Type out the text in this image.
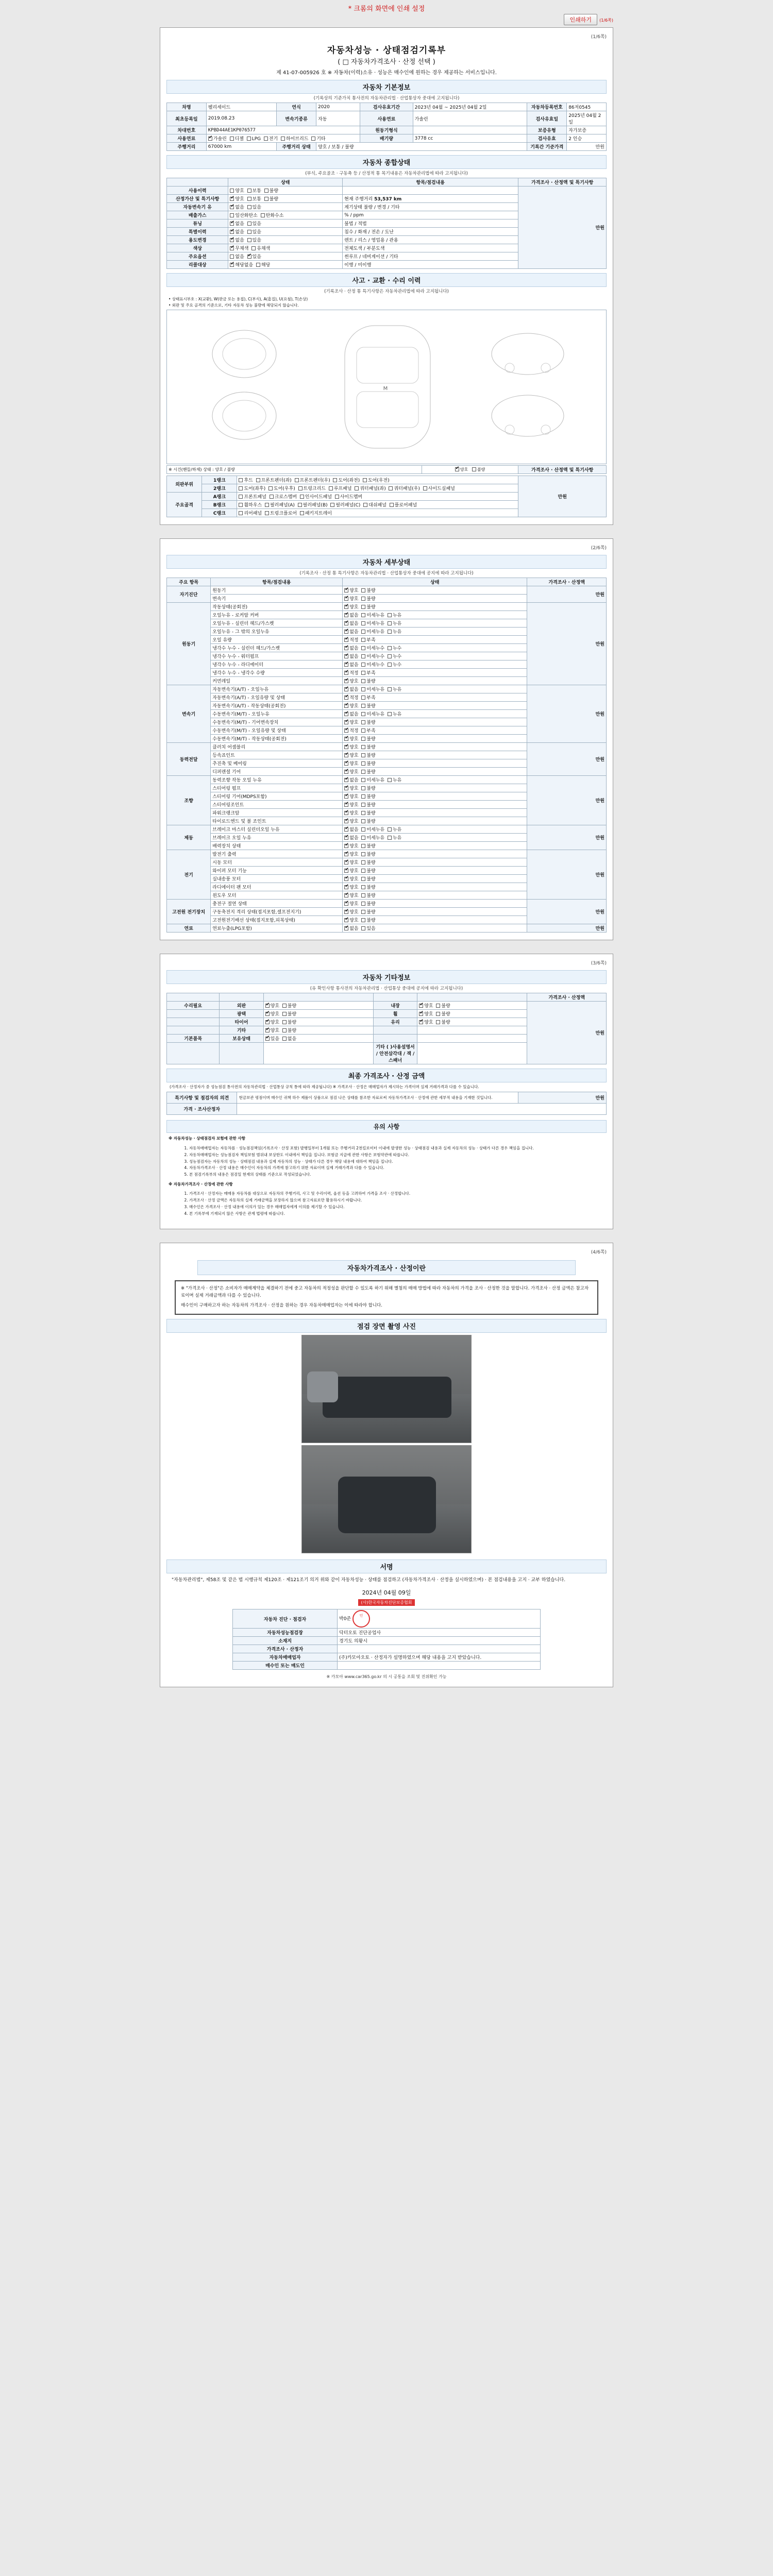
* 크롬의 화면에 인쇄 설정
인쇄하기 (1/6쪽)
(1/6쪽)
자동차성능 · 상태점검기록부
( □ 자동차가격조사 · 산정 선택 )
제 41-07-005926 호 ※ 자동차(이력)소유 · 성능은 매수인에 원하는 경우 제공하는 서비스입니다.
자동차 기본정보
(기록상의 기준가치 통사전의 자동차관리법 · 산업통상자 중대에 고지됩니다)
차명	펠리세이드	연식	2020	검사유효기간	2023년 04월 ~ 2025년 04월 2일	자동차등록번호	86저0545
최초등록일	2019.08.23	변속기종류	자동	사용연료	가솔린	검사유효일	2025년 04월 2일
차대번호	KPBD44AE1KP076577			원동기형식		보증유형	자가보증
사용연료	✔가솔린 디젤 LPG 전기 하이브리드 기타			배기량	3778 cc	검사유효	2 인승
주행거리	67000 km	주행거리 상태	양호 / 보통 / 불량			기록간 기준가격	만원
자동차 종합상태
(부식, 주요골조 · 구동축 등 / 산정적 통 목기내용은 자동차관리법에 따라 고지됩니다)
	상태	항목/점검내용	가격조사 · 산정액 및 특기사항
사용이력	양호 보통 불량		만원
산정가산 및 특기사항	✔양호 보통 불량	현재 주행거리 53,537 km	
자동변속기 유	✔없음 있음	계기상태 불량 / 변경 / 기타	
배출가스	일산화탄소 탄화수소	% / ppm	
튜닝	✔없음 있음	불법 / 적법	
특별이력	✔없음 있음	침수 / 화재 / 전손 / 도난	
용도변경	✔없음 있음	렌트 / 리스 / 영업용 / 관용	
색상	✔무채색 유채색	전체도색 / 부분도색	
주요옵션	없음 ✔ 있음	썬루프 / 네비게이션 / 기타	
리콜대상	✔해당없음 해당	이행 / 미이행	
사고 · 교환 · 수리 이력
(기록조사 · 산정 통 특기사항은 자동차관리법에 따라 고지됩니다)
• 상태표시부호 : X(교환), W(판금 또는 용접), C(부식), A(흠집), U(요철), T(손상)
• 외판 및 주요 골격의 기준으로, 기타 자동차 성능 불량에 해당되지 않습니다.
M
※ 시건(핸들/하체) 상태 : 양호 / 불량	✔양호   불량	가격조사 · 산정액 및 특기사항
외판부위	1랭크	후드  프론트펜더(좌)  프론트펜더(우)  도어(좌전)  도어(우전)	만원
	2랭크	도어(좌후)  도어(우후)  트렁크리드  루프패널  쿼터패널(좌)  쿼터패널(우)  사이드실패널	
주요골격	A랭크	프론트패널  크로스멤버  인사이드패널  사이드멤버	
	B랭크	휠하우스  필러패널(A)  필러패널(B)  필러패널(C)  대쉬패널  플로어패널	
	C랭크	리어패널  트렁크플로어  패키지트레이	
(2/6쪽)
자동차 세부상태
(기록조사 · 산정 통 특기사항은 자동차관리법 · 산업통상자 중대에 공지에 따라 고지됩니다)
주요 항목	항목/점검내용	상태	가격조사 · 산정액
자기진단	원동기	✔양호 불량	만원
	변속기	✔양호 불량
원동기	작동상태(공회전)	✔양호 불량	만원
	오일누유 - 로커암 커버	✔없음 미세누유 누유
	오일누유 - 실린더 헤드/가스켓	✔없음 미세누유 누유
	오일누유 - 그 밖의 오일누유	✔없음 미세누유 누유
	오일 유량	✔적정 부족
	냉각수 누수 - 실린더 헤드/가스켓	✔없음 미세누수 누수
	냉각수 누수 - 워터펌프	✔없음 미세누수 누수
	냉각수 누수 - 라디에이터	✔없음 미세누수 누수
	냉각수 누수 - 냉각수 수량	✔적정 부족
	커먼레일	✔양호 불량
변속기	자동변속기(A/T) - 오일누유	✔없음 미세누유 누유	만원
	자동변속기(A/T) - 오일유량 및 상태	✔적정 부족
	자동변속기(A/T) - 작동상태(공회전)	✔양호 불량
	수동변속기(M/T) - 오일누유	✔없음 미세누유 누유
	수동변속기(M/T) - 기어변속장치	✔양호 불량
	수동변속기(M/T) - 오일유량 및 상태	✔적정 부족
	수동변속기(M/T) - 작동상태(공회전)	✔양호 불량
동력전달	클러치 어셈블리	✔양호 불량	만원
	등속죠인트	✔양호 불량
	추진축 및 베어링	✔양호 불량
	디퍼렌셜 기어	✔양호 불량
조향	동력조향 작동 오일 누유	✔없음 미세누유 누유	만원
	스티어링 펌프	✔양호 불량
	스티어링 기어(MDPS포함)	✔양호 불량
	스티어링조인트	✔양호 불량
	파워크랭크암	✔양호 불량
	타이로드엔드 및 볼 조인트	✔양호 불량
제동	브레이크 마스터 실린더오일 누유	✔없음 미세누유 누유	만원
	브레이크 오일 누유	✔없음 미세누유 누유
	배력장치 상태	✔양호 불량
전기	발전기 출력	✔양호 불량	만원
	시동 모터	✔양호 불량
	와이퍼 모터 기능	✔양호 불량
	실내송풍 모터	✔양호 불량
	라디에이터 팬 모터	✔양호 불량
	윈도우 모터	✔양호 불량
고전원 전기장치	충전구 절연 상태	✔양호 불량	만원
	구동축전지 격리 상태(접지포함,셀프전지기)	✔양호 불량
	고전원전기배선 상태(접지포함,피복상태)	✔양호 불량
연료	연료누출(LPG포함)	✔없음 있음	만원
(3/6쪽)
자동차 기타정보
(유 확인사항 통사전의 자동차관리법 · 산업통상 중대에 공지에 따라 고지됩니다)
					가격조사 · 산정액
수리필요	외판	✔양호 불량	내장	✔양호 불량	만원
	광택	✔양호 불량	휠	✔양호 불량
	타이어	✔양호 불량	유리	✔양호 불량
	기타	✔양호 불량		
기본품목	보유상태	✔있음 없음		
			기타 ( )사용설명서 / 안전삼각대 / 잭 / 스패너		
최종 가격조사 · 산정 금액
(가격조사 · 산정자가 중 성능점검 통사전의 자동차관리법 · 산업통상 규칙 통에 따라 제공됩니다) ※ 가격조사 · 산정은 매매업자가 제시하는 가격이며 실제 거래가격과 다를 수 있습니다.
특기사항 및 점검자의 의견	현금보관 평점이며 매수인 귀책 하수 제품이 상품으로 점검 나은 상태를 참조한 자료로써 자동차가격조사 · 산정에 관한 세부적 내용을 기재한 것입니다.	만원
가격 · 조사산정자		
유의 사항
※ 자동차성능 · 상태점검자 보험에 관한 사항
1. 자동차매매업자는 자동차를 · 성능점검책임(기록조사 · 산정 포함) 발행일부터 1개월 또는 주행거리 2천킬로미터 이내에 발생한 성능 · 상태점검 내용과 실제 자동차의 성능 · 상태가 다른 경우 책임을 집니다.
2. 자동차매매업자는 성능점검자 책임보험 범위내 보상한도 이내에서 책임을 집니다. 보험금 지급에 관한 사항은 보험약관에 따릅니다.
3. 성능점검자는 자동차의 성능 · 상태점검 내용과 실제 자동차의 성능 · 상태가 다른 경우 해당 내용에 대하여 책임을 집니다.
4. 자동차가격조사 · 산정 내용은 매수인이 자동차의 가격에 참고하기 위한 자료이며 실제 거래가격과 다를 수 있습니다.
5. 본 점검기록부의 내용은 점검일 현재의 상태를 기준으로 작성되었습니다.
※ 자동차가격조사 · 산정에 관한 사항
1. 가격조사 · 산정자는 매매용 자동차를 대상으로 자동차의 주행거리, 사고 및 수리이력, 옵션 등을 고려하여 가격을 조사 · 산정합니다.
2. 가격조사 · 산정 금액은 자동차의 실제 거래금액을 보장하지 않으며 참고자료로만 활용하시기 바랍니다.
3. 매수인은 가격조사 · 산정 내용에 이의가 있는 경우 매매업자에게 이의를 제기할 수 있습니다.
4. 본 기록부에 기재되지 않은 사항은 관계 법령에 따릅니다.
(4/6쪽)
자동차가격조사 · 산정이란
※ "가격조사 · 산정"은 소비자가 매매계약을 체결하기 전에 중고 자동차의 적정성을 판단할 수 있도록 하기 위해 별첨의 매매 방법에 따라 자동차의 가격을 조사 · 산정한 것을 말합니다. 가격조사 · 산정 금액은 참고자료이며 실제 거래금액과 다를 수 있습니다.
매수인이 구매하고자 하는 자동차의 가격조사 · 산정을 원하는 경우 자동차매매업자는 이에 따라야 합니다.
점검 장면 촬영 사진
서명
"자동차관리법", 제58조 및 같은 법 시행규칙 제120조 · 제121조기 의거 위와 같이 자동차성능 · 상태를 점검하고 (자동차가격조사 · 산정을 실시하였으며) · 본 점검내용을 고지 · 교부 하였습니다.
2024년 04월 09일
(사)한국자동차진단보증협회
자동차 진단 · 점검자	박0준 인
자동차성능점검장	닥터오토 진단공업사
소재지	경기도 의왕시
가격조사 · 산정자	
자동차매매업자	(주)카모아오토 · 산정자가 ﻿설명하였으며 해당 내용을 고지 받았습니다.
매수인 또는 매도인	
※ 카모아 www.car365.go.kr 의 시 공통을 조회 및 진위확인 가능
